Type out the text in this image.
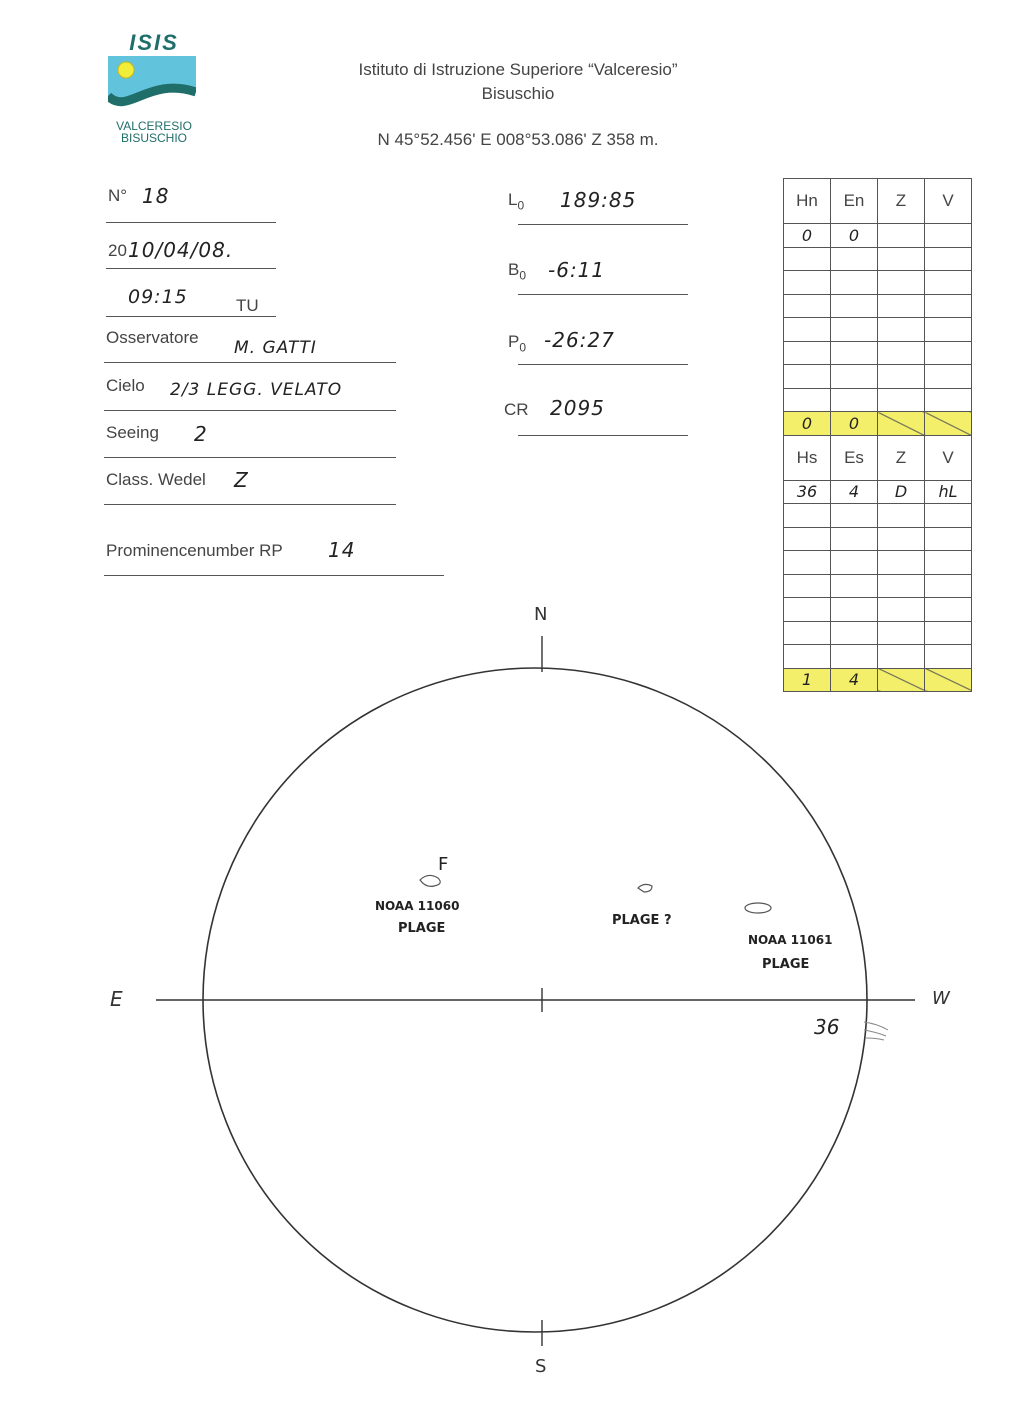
ISIS
VALCERESIO
BISUSCHIO
Istituto di Istruzione Superiore “Valceresio”
Bisuschio
N 45°52.456' E 008°53.086' Z 358 m.
N° 18
20 10/04/08.
09:15	TU
Osservatore
M. GATTI
Cielo 2/3 LEGG. VELATO
Seeing 2
Class. Wedel Z
Prominencenumber RP 14
$L_0$ 189:85
$B_0$ -6:11
$P_0$ -26:27
CR 2095
Hn	En	Z	V
0	0		

0	0		
Hs	Es	Z	V
36	4	D	hL

1	4		
N
S
E	W
F
NOAA 11060
PLAGE
PLAGE ?
NOAA 11061
PLAGE
36
